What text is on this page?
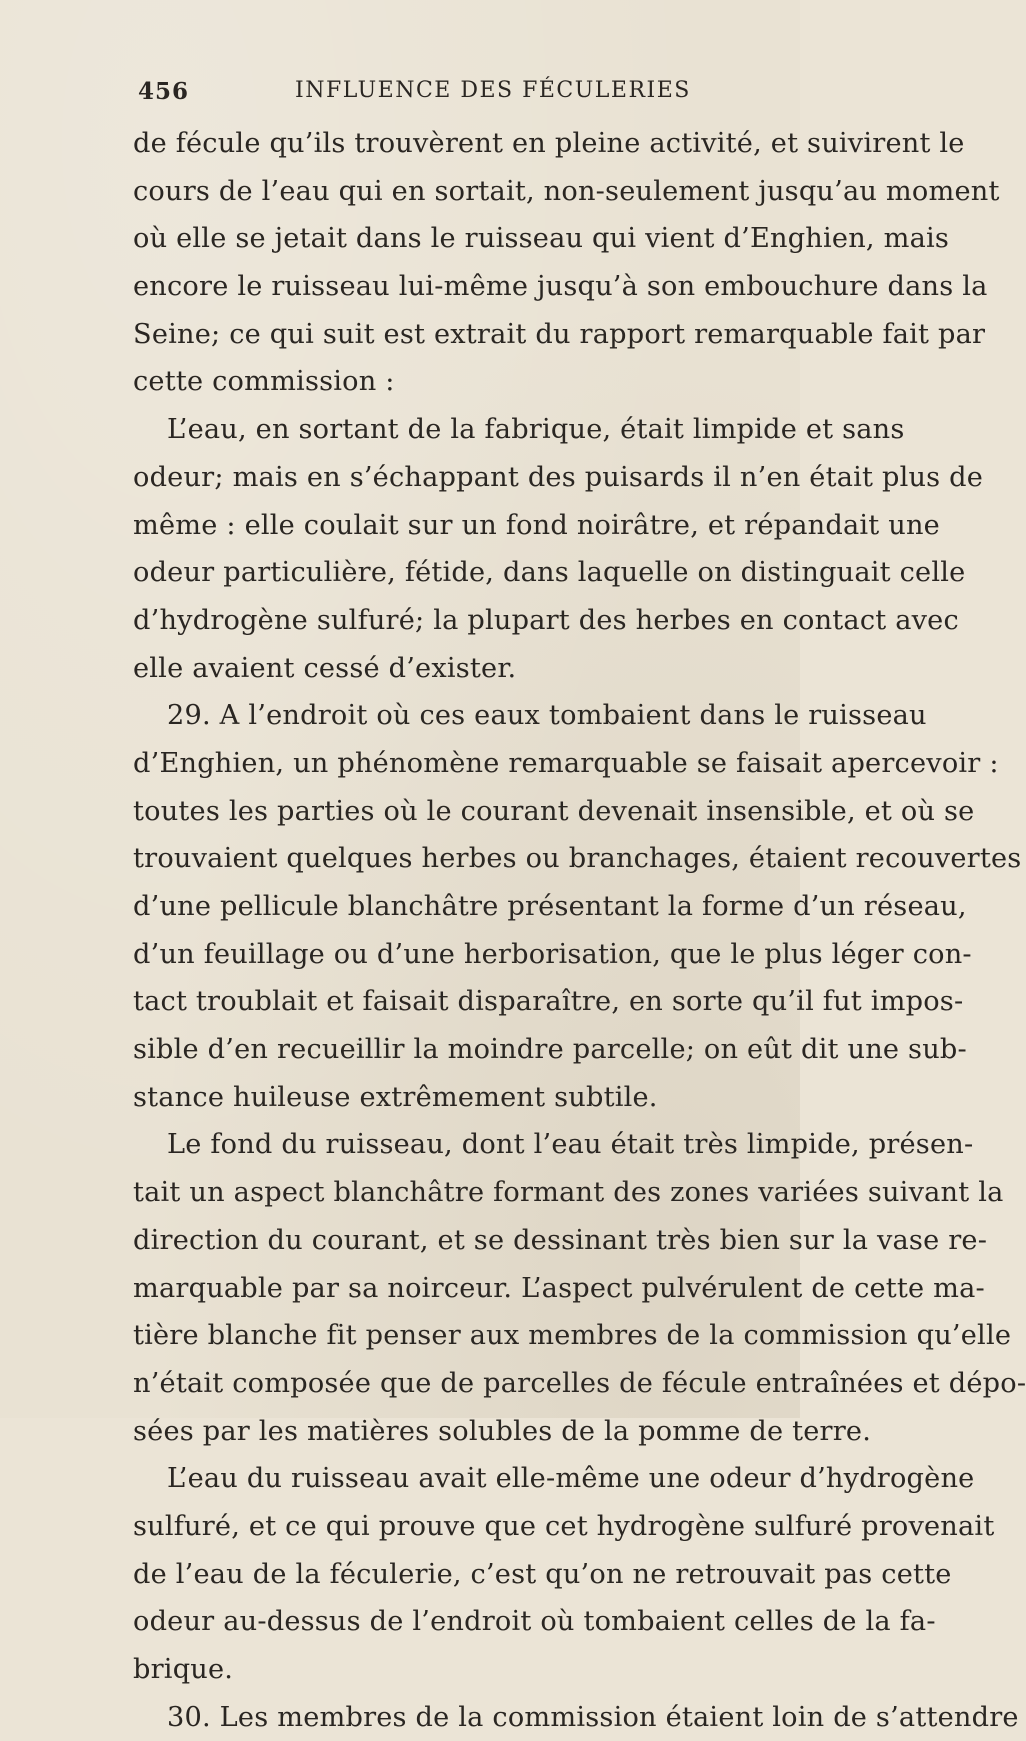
456	INFLUENCE DES FÉCULERIES
de fécule qu’ils trouvèrent en pleine activité, et suivirent le
cours de l’eau qui en sortait, non-seulement jusqu’au moment
où elle se jetait dans le ruisseau qui vient d’Enghien, mais
encore le ruisseau lui-même jusqu’à son embouchure dans la
Seine; ce qui suit est extrait du rapport remarquable fait par
cette commission :
L’eau, en sortant de la fabrique, était limpide et sans
odeur; mais en s’échappant des puisards il n’en était plus de
même : elle coulait sur un fond noirâtre, et répandait une
odeur particulière, fétide, dans laquelle on distinguait celle
d’hydrogène sulfuré; la plupart des herbes en contact avec
elle avaient cessé d’exister.
29. A l’endroit où ces eaux tombaient dans le ruisseau
d’Enghien, un phénomène remarquable se faisait apercevoir :
toutes les parties où le courant devenait insensible, et où se
trouvaient quelques herbes ou branchages, étaient recouvertes
d’une pellicule blanchâtre présentant la forme d’un réseau,
d’un feuillage ou d’une herborisation, que le plus léger con-
tact troublait et faisait disparaître, en sorte qu’il fut impos-
sible d’en recueillir la moindre parcelle; on eût dit une sub-
stance huileuse extrêmement subtile.
Le fond du ruisseau, dont l’eau était très limpide, présen-
tait un aspect blanchâtre formant des zones variées suivant la
direction du courant, et se dessinant très bien sur la vase re-
marquable par sa noirceur. L’aspect pulvérulent de cette ma-
tière blanche fit penser aux membres de la commission qu’elle
n’était composée que de parcelles de fécule entraînées et dépo-
sées par les matières solubles de la pomme de terre.
L’eau du ruisseau avait elle-même une odeur d’hydrogène
sulfuré, et ce qui prouve que cet hydrogène sulfuré provenait
de l’eau de la féculerie, c’est qu’on ne retrouvait pas cette
odeur au-dessus de l’endroit où tombaient celles de la fa-
brique.
30. Les membres de la commission étaient loin de s’attendre
